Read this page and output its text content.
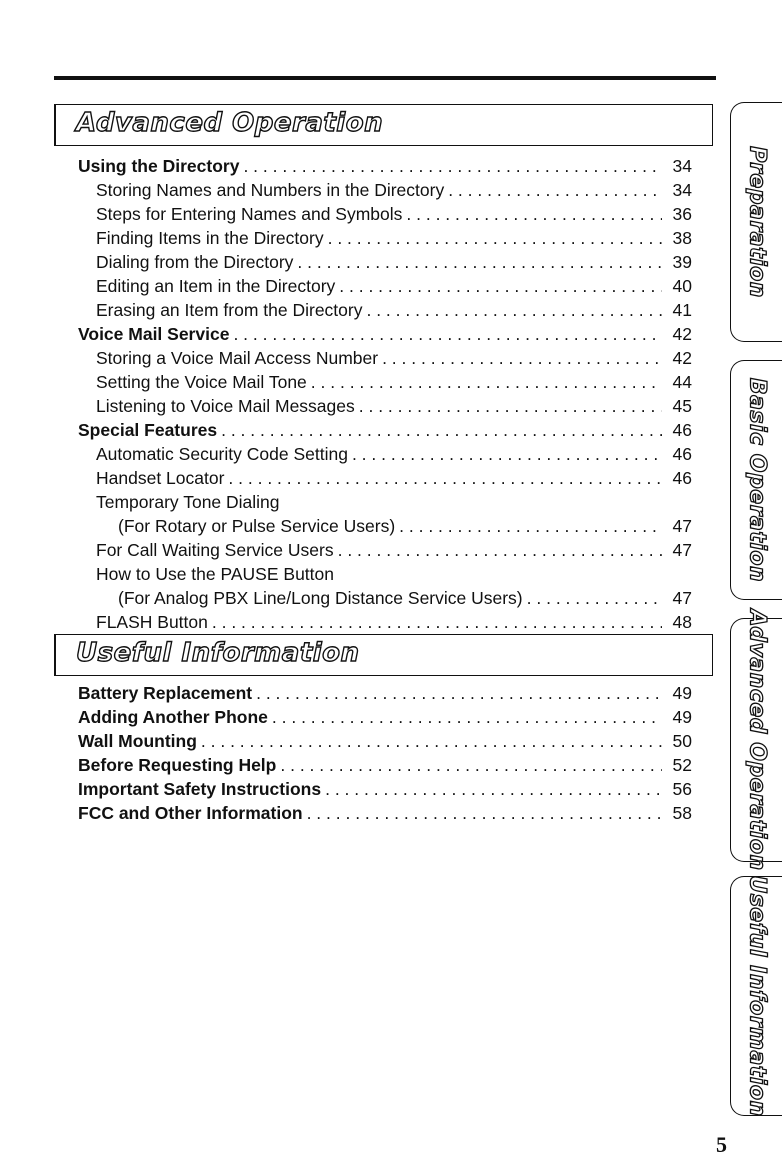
Advanced Operation
Using the Directory . . .	34
Storing Names and Numbers in the Directory . . .	34
Steps for Entering Names and Symbols . . .	36
Finding Items in the Directory . . .	38
Dialing from the Directory . . .	39
Editing an Item in the Directory . . .	40
Erasing an Item from the Directory . . .	41
Voice Mail Service . . .	42
Storing a Voice Mail Access Number . . .	42
Setting the Voice Mail Tone . . .	44
Listening to Voice Mail Messages . . .	45
Special Features . . .	46
Automatic Security Code Setting . . .	46
Handset Locator . . .	46
Temporary Tone Dialing
(For Rotary or Pulse Service Users) . . .	47
For Call Waiting Service Users . . .	47
How to Use the PAUSE Button
(For Analog PBX Line/Long Distance Service Users) . . .	47
FLASH Button . . .	48
Useful Information
Battery Replacement . . .	49
Adding Another Phone . . .	49
Wall Mounting . . .	50
Before Requesting Help . . .	52
Important Safety Instructions . . .	56
FCC and Other Information . . .	58
Preparation
Basic Operation
Advanced Operation
Useful Information
5
